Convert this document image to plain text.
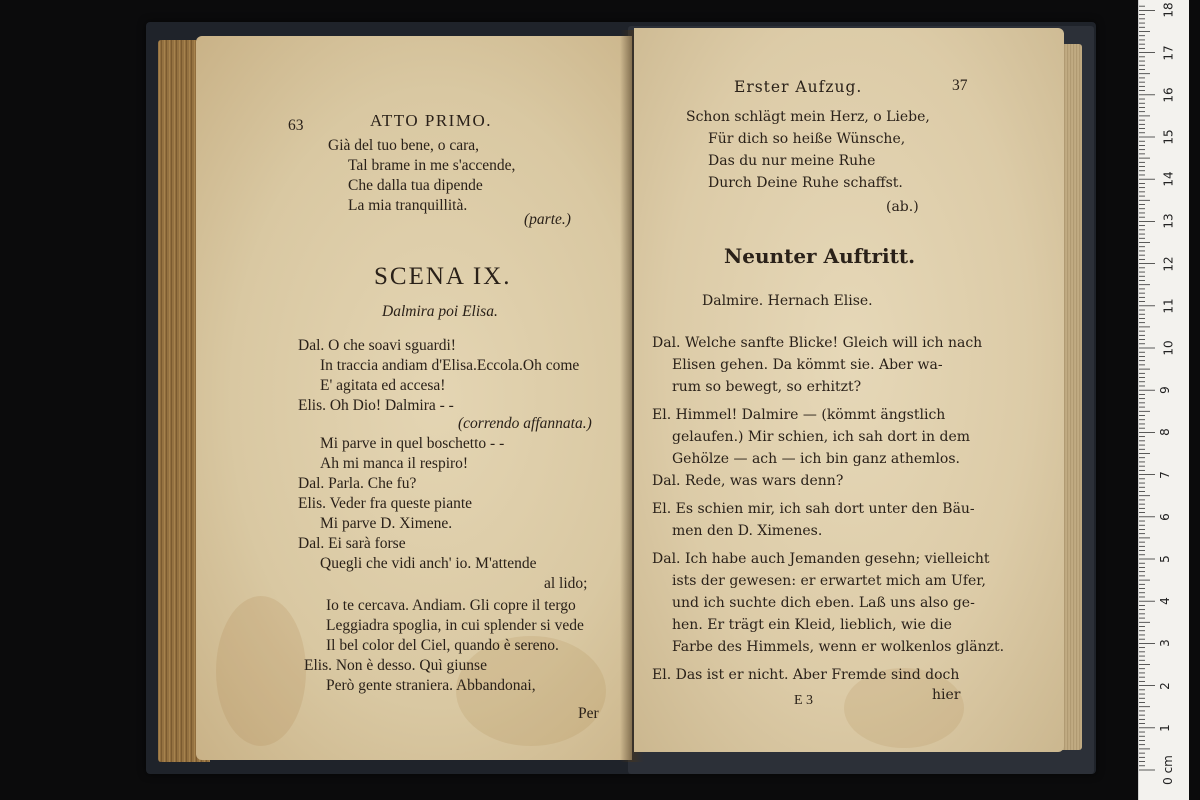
63	ATTO PRIMO.
Già del tuo bene, o cara,
Tal brame in me s'accende,
Che dalla tua dipende
La mia tranquillità.
(parte.)
SCENA IX.
Dalmira poi Elisa.
Dal. O che soavi sguardi!
In traccia andiam d'Elisa.Eccola.Oh come
E' agitata ed accesa!
Elis. Oh Dio! Dalmira - -
(correndo affannata.)
Mi parve in quel boschetto - -
Ah mi manca il respiro!
Dal. Parla. Che fu?
Elis. Veder fra queste piante
Mi parve D. Ximene.
Dal. Ei sarà forse
Quegli che vidi anch' io. M'attende
al lido;
Io te cercava. Andiam. Gli copre il tergo
Leggiadra spoglia, in cui splender si vede
Il bel color del Ciel, quando è sereno.
Elis. Non è desso. Quì giunse
Però gente straniera. Abbandonai,
Per
Erster Aufzug.	37
Schon schlägt mein Herz, o Liebe,
Für dich so heiße Wünsche,
Das du nur meine Ruhe
Durch Deine Ruhe schaffst.
(ab.)
Neunter Auftritt.
Dalmire. Hernach Elise.
Dal. Welche sanfte Blicke! Gleich will ich nach
Elisen gehen. Da kömmt sie. Aber wa-
rum so bewegt, so erhitzt?
El. Himmel! Dalmire — (kömmt ängstlich
gelaufen.) Mir schien, ich sah dort in dem
Gehölze — ach — ich bin ganz athemlos.
Dal. Rede, was wars denn?
El. Es schien mir, ich sah dort unter den Bäu-
men den D. Ximenes.
Dal. Ich habe auch Jemanden gesehn; vielleicht
ists der gewesen: er erwartet mich am Ufer,
und ich suchte dich eben. Laß uns also ge-
hen. Er trägt ein Kleid, lieblich, wie die
Farbe des Himmels, wenn er wolkenlos glänzt.
El. Das ist er nicht. Aber Fremde sind doch
E 3	hier
0 cm
1
2
3
4
5
6
7
8
9
10
11
12
13
14
15
16
17
18
